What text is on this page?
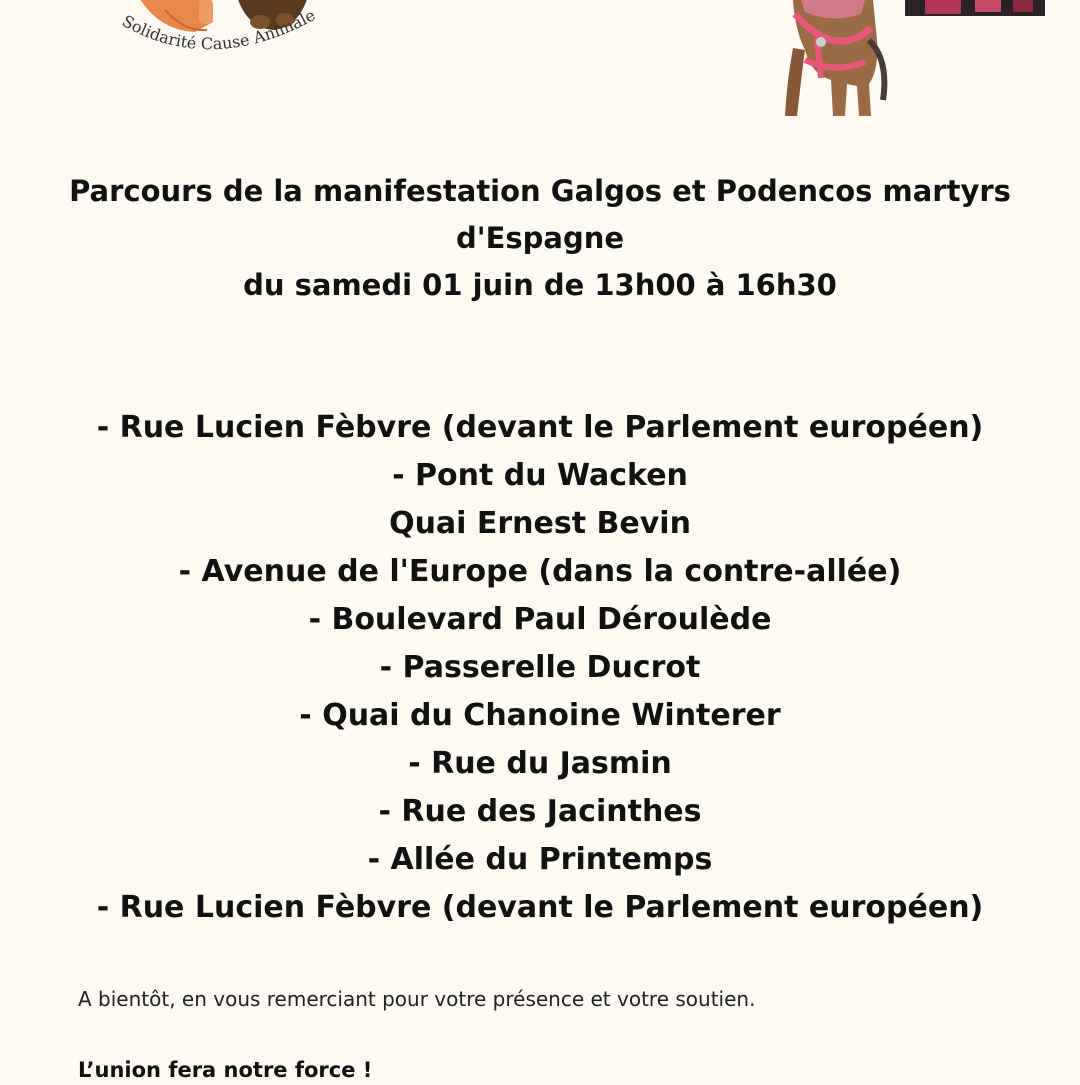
Solidarité Cause Animale
Parcours de la manifestation Galgos et Podencos martyrs
d'Espagne
du samedi 01 juin de 13h00 à 16h30
- Rue Lucien Fèbvre (devant le Parlement européen)
- Pont du Wacken
Quai Ernest Bevin
- Avenue de l'Europe (dans la contre-allée)
- Boulevard Paul Déroulède
- Passerelle Ducrot
- Quai du Chanoine Winterer
- Rue du Jasmin
- Rue des Jacinthes
- Allée du Printemps
- Rue Lucien Fèbvre (devant le Parlement européen)
A bientôt, en vous remerciant pour votre présence et votre soutien.
L’union fera notre force !
